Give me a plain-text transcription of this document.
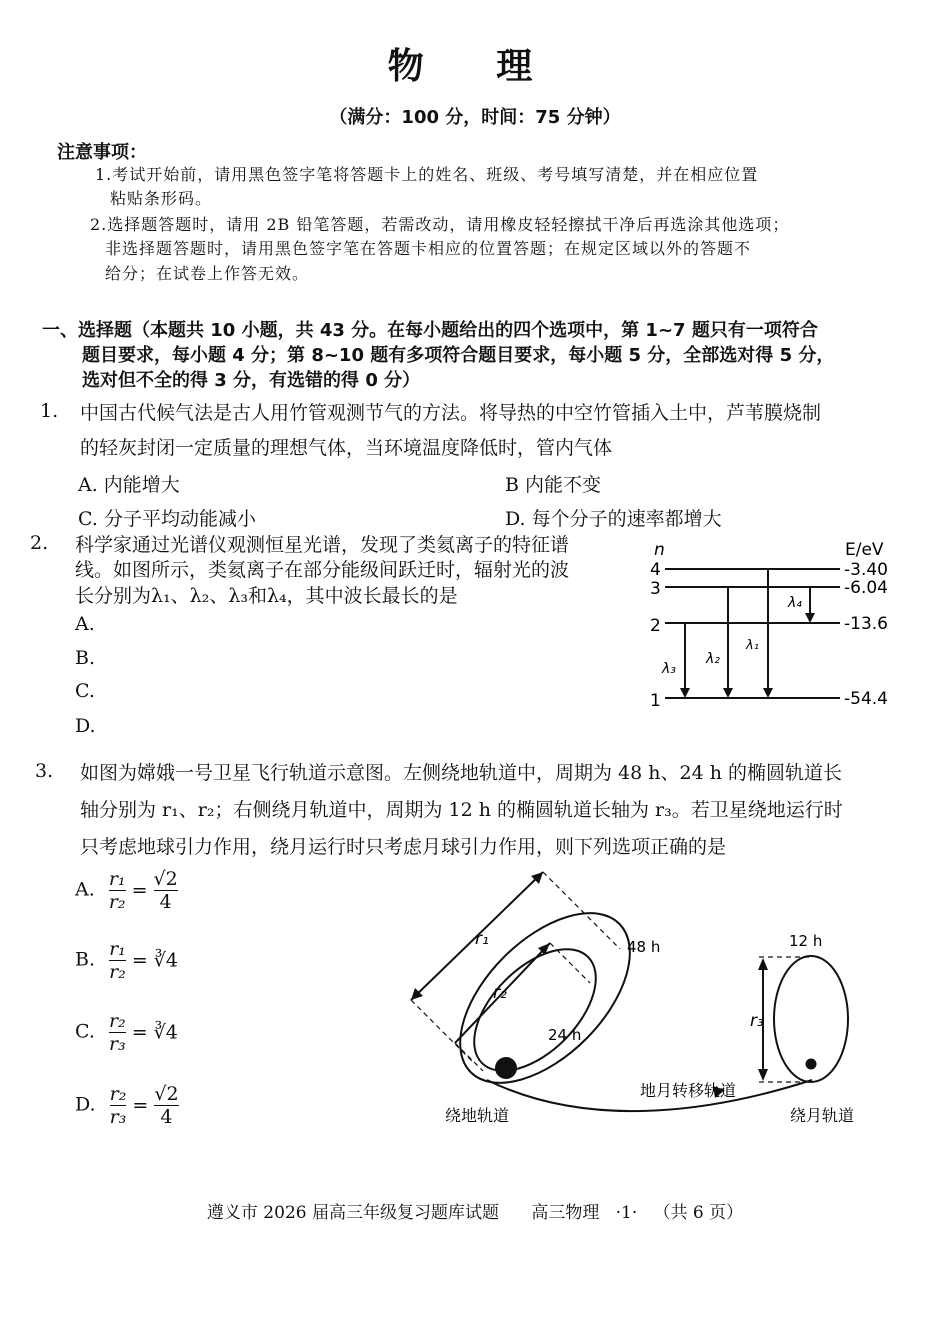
物 理
（满分：100 分，时间：75 分钟）
注意事项：
1.考试开始前，请用黑色签字笔将答题卡上的姓名、班级、考号填写清楚，并在相应位置
粘贴条形码。
2.选择题答题时，请用 2B 铅笔答题，若需改动，请用橡皮轻轻擦拭干净后再选涂其他选项；
非选择题答题时，请用黑色签字笔在答题卡相应的位置答题；在规定区域以外的答题不
给分；在试卷上作答无效。
一、选择题（本题共 10 小题，共 43 分。在每小题给出的四个选项中，第 1~7 题只有一项符合
题目要求，每小题 4 分；第 8~10 题有多项符合题目要求，每小题 5 分，全部选对得 5 分，
选对但不全的得 3 分，有选错的得 0 分）
1. 中国古代候气法是古人用竹管观测节气的方法。将导热的中空竹管插入土中，芦苇膜烧制
的轻灰封闭一定质量的理想气体，当环境温度降低时，管内气体
A. 内能增大	B 内能不变
C. 分子平均动能减小	D. 每个分子的速率都增大
2. 科学家通过光谱仪观测恒星光谱，发现了类氦离子的特征谱
线。如图所示，类氦离子在部分能级间跃迁时，辐射光的波
长分别为λ₁、λ₂、λ₃和λ₄，其中波长最长的是
A.
B.
C.
D.
n	E/eV
4	-3.40
3	-6.04
2	-13.6
1	-54.4
λ₄
λ₃
λ₂
λ₁
3. 如图为嫦娥一号卫星飞行轨道示意图。左侧绕地轨道中，周期为 48 h、24 h 的椭圆轨道长
轴分别为 r₁、r₂；右侧绕月轨道中，周期为 12 h 的椭圆轨道长轴为 r₃。若卫星绕地运行时
只考虑地球引力作用，绕月运行时只考虑月球引力作用，则下列选项正确的是
A. $\frac{\text{r₁}}{\text{r₂}} = \frac{√2}{4}$
B. $\frac{\text{r₁}}{\text{r₂}}$ = ∛4
C. $\frac{\text{r₂}}{\text{r₃}}$ = ∛4
D. $\frac{\text{r₂}}{\text{r₃}} = \frac{√2}{4}$
r₁
r₂
48 h
24 h
地月转移轨道
r₃
12 h
绕地轨道	绕月轨道
遵义市 2026 届高三年级复习题库试题      高三物理   ·1·   （共 6 页）
